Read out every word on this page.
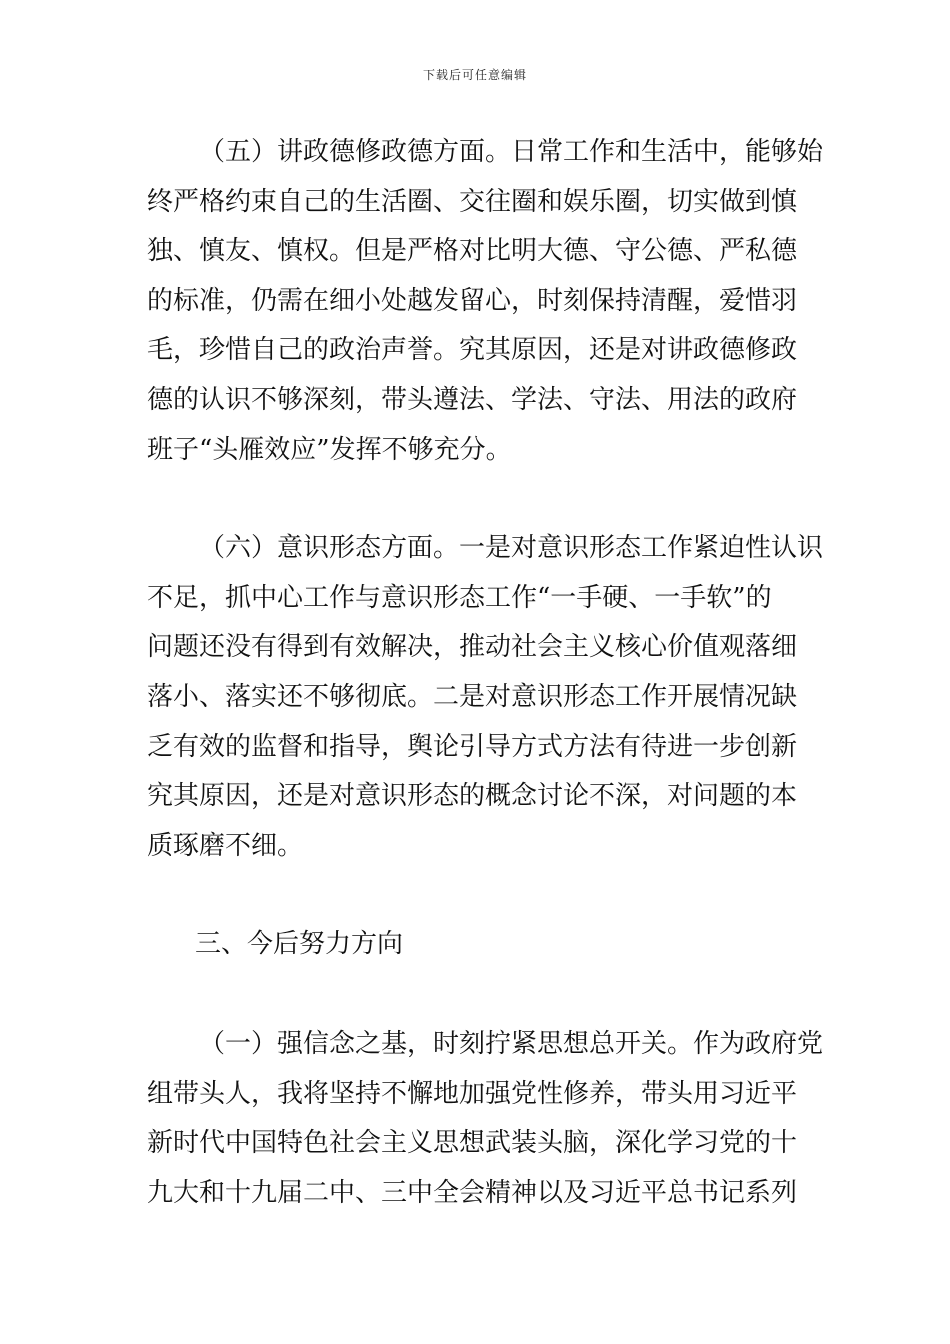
下载后可任意编辑
（五）讲政德修政德方面。日常工作和生活中，能够始
终严格约束自己的生活圈、交往圈和娱乐圈，切实做到慎
独、慎友、慎权。但是严格对比明大德、守公德、严私德
的标准，仍需在细小处越发留心，时刻保持清醒，爱惜羽
毛，珍惜自己的政治声誉。究其原因，还是对讲政德修政
德的认识不够深刻，带头遵法、学法、守法、用法的政府
班子“头雁效应”发挥不够充分。
（六）意识形态方面。一是对意识形态工作紧迫性认识
不足，抓中心工作与意识形态工作“一手硬、一手软”的
问题还没有得到有效解决，推动社会主义核心价值观落细
落小、落实还不够彻底。二是对意识形态工作开展情况缺
乏有效的监督和指导，舆论引导方式方法有待进一步创新
究其原因，还是对意识形态的概念讨论不深，对问题的本
质琢磨不细。
三、今后努力方向
（一）强信念之基，时刻拧紧思想总开关。作为政府党
组带头人，我将坚持不懈地加强党性修养，带头用习近平
新时代中国特色社会主义思想武装头脑，深化学习党的十
九大和十九届二中、三中全会精神以及习近平总书记系列
